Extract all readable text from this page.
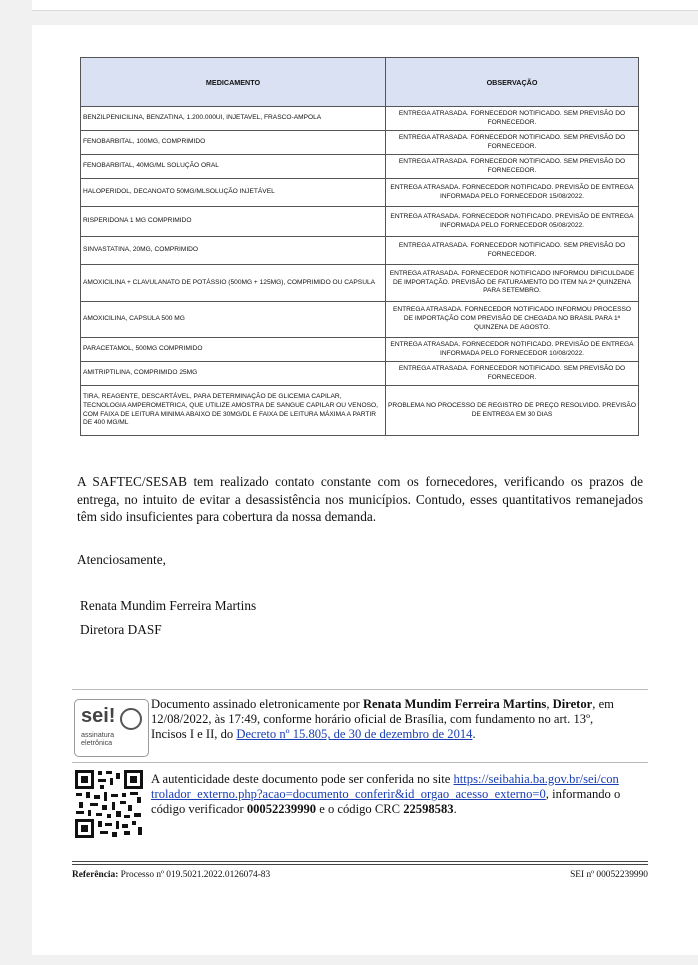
MEDICAMENTO	OBSERVAÇÃO
BENZILPENICILINA, BENZATINA, 1.200.000UI, INJETAVEL, FRASCO-AMPOLA	ENTREGA ATRASADA. FORNECEDOR NOTIFICADO. SEM PREVISÃO DO FORNECEDOR.
FENOBARBITAL, 100MG, COMPRIMIDO	ENTREGA ATRASADA. FORNECEDOR NOTIFICADO. SEM PREVISÃO DO FORNECEDOR.
FENOBARBITAL, 40MG/ML SOLUÇÃO ORAL	ENTREGA ATRASADA. FORNECEDOR NOTIFICADO. SEM PREVISÃO DO FORNECEDOR.
HALOPERIDOL, DECANOATO 50MG/MLSOLUÇÃO INJETÁVEL	ENTREGA ATRASADA. FORNECEDOR NOTIFICADO. PREVISÃO DE ENTREGA INFORMADA PELO FORNECEDOR 15/08/2022.
RISPERIDONA 1 MG COMPRIMIDO	ENTREGA ATRASADA. FORNECEDOR NOTIFICADO. PREVISÃO DE ENTREGA INFORMADA PELO FORNECEDOR 05/08/2022.
SINVASTATINA, 20MG, COMPRIMIDO	ENTREGA ATRASADA. FORNECEDOR NOTIFICADO. SEM PREVISÃO DO FORNECEDOR.
AMOXICILINA + CLAVULANATO DE POTÁSSIO (500MG + 125MG), COMPRIMIDO OU CAPSULA	ENTREGA ATRASADA. FORNECEDOR NOTIFICADO INFORMOU DIFICULDADE DE IMPORTAÇÃO. PREVISÃO DE FATURAMENTO DO ITEM NA 2ª QUINZENA PARA SETEMBRO.
AMOXICILINA, CAPSULA 500 MG	ENTREGA ATRASADA. FORNECEDOR NOTIFICADO INFORMOU PROCESSO DE IMPORTAÇÃO COM PREVISÃO DE CHEGADA NO BRASIL PARA 1ª QUINZENA DE AGOSTO.
PARACETAMOL, 500MG COMPRIMIDO	ENTREGA ATRASADA. FORNECEDOR NOTIFICADO. PREVISÃO DE ENTREGA INFORMADA PELO FORNECEDOR 10/08/2022.
AMITRIPTILINA, COMPRIMIDO 25MG	ENTREGA ATRASADA. FORNECEDOR NOTIFICADO. SEM PREVISÃO DO FORNECEDOR.
TIRA, REAGENTE, DESCARTÁVEL, PARA DETERMINAÇÃO DE GLICEMIA CAPILAR, TECNOLOGIA AMPEROMETRICA, QUE UTILIZE AMOSTRA DE SANGUE CAPILAR OU VENOSO, COM FAIXA DE LEITURA MINIMA ABAIXO DE 30MG/DL E FAIXA DE LEITURA MÁXIMA A PARTIR DE 400 MG/ML	PROBLEMA NO PROCESSO DE REGISTRO DE PREÇO RESOLVIDO. PREVISÃO DE ENTREGA EM 30 DIAS

A SAFTEC/SESAB tem realizado contato constante com os fornecedores, verificando os prazos de entrega, no intuito de evitar a desassistência nos municípios. Contudo, esses quantitativos remanejados têm sido insuficientes para cobertura da nossa demanda.

Atenciosamente,
Renata Mundim Ferreira Martins
Diretora DASF
sei!
assinatura
eletrônica

Documento assinado eletronicamente por Renata Mundim Ferreira Martins, Diretor, em 12/08/2022, às 17:49, conforme horário oficial de Brasília, com fundamento no art. 13º, Incisos I e II, do Decreto nº 15.805, de 30 de dezembro de 2014.

A autenticidade deste documento pode ser conferida no site https://seibahia.ba.gov.br/sei/controlador_externo.php?acao=documento_conferir&id_orgao_acesso_externo=0, informando o código verificador 00052239990 e o código CRC 22598583.

Referência: Processo nº 019.5021.2022.0126074-83	SEI nº 00052239990
